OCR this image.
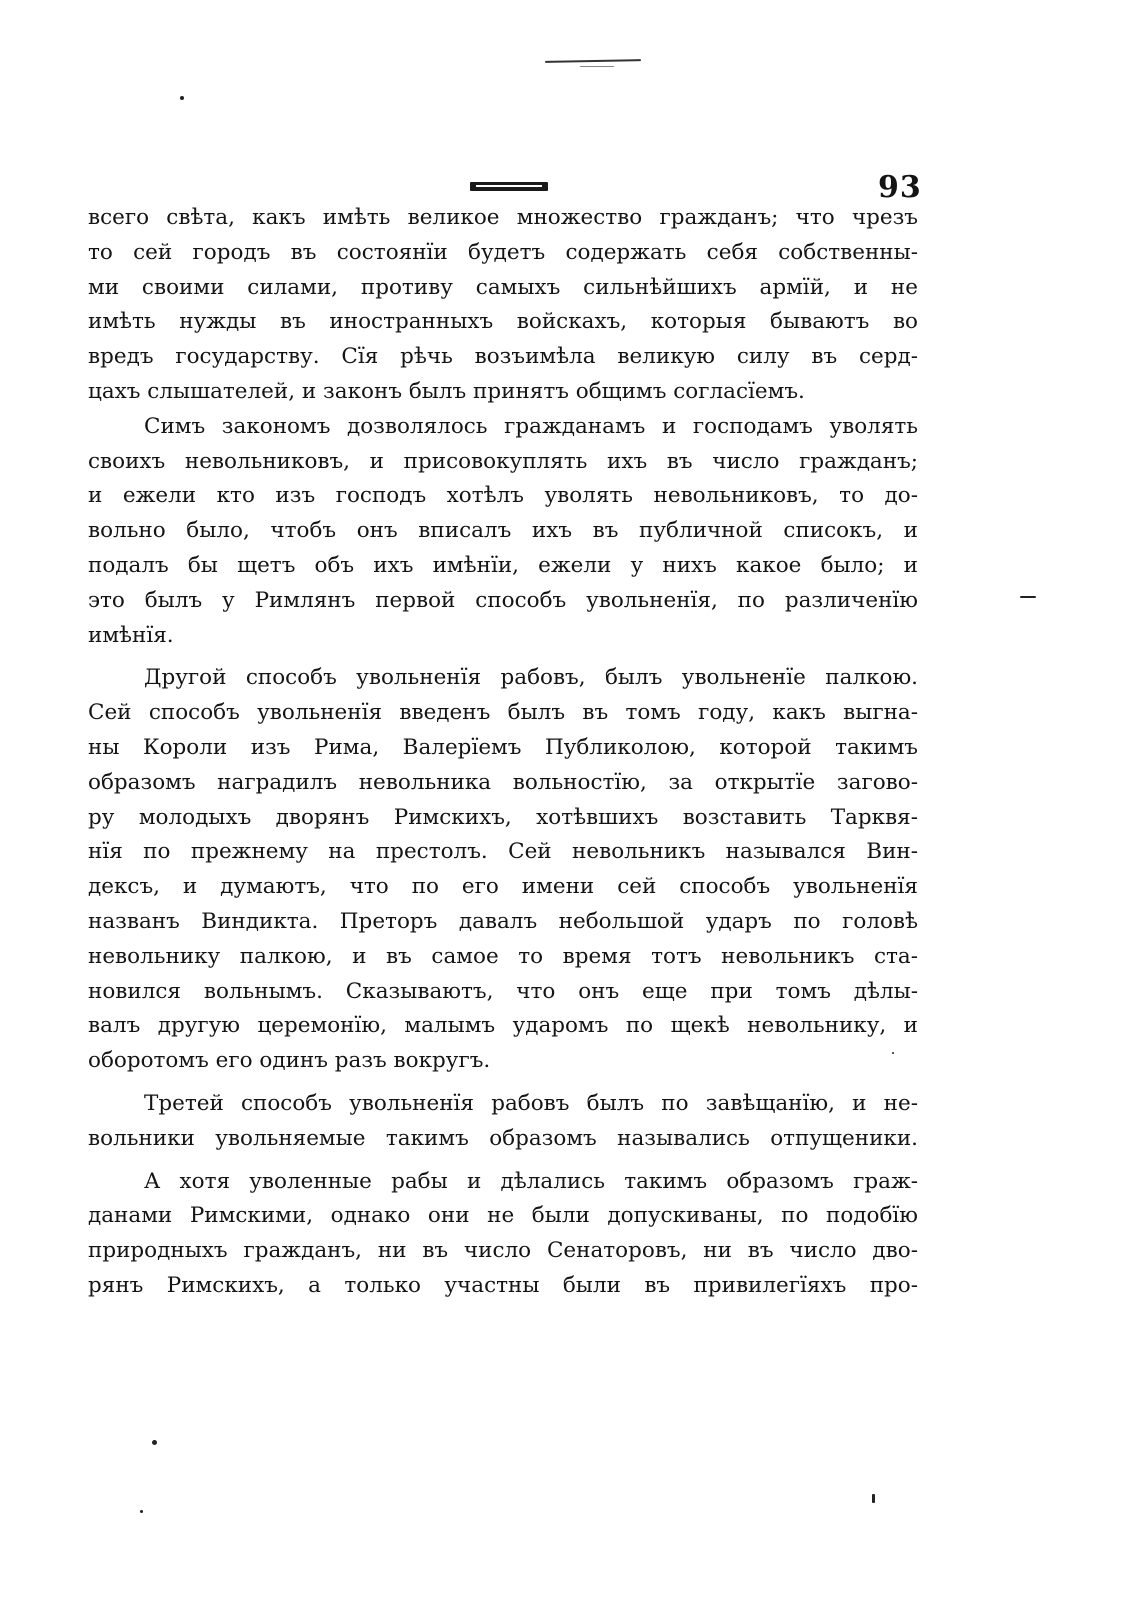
93
всего свѣта, какъ имѣть великое множество гражданъ; что чрезъ
то сей городъ въ состоянїи будетъ содержать себя собственны-
ми своими силами, противу самыхъ сильнѣйшихъ армїй, и не
имѣть нужды въ иностранныхъ войскахъ, которыя бываютъ во
вредъ государству. Сїя рѣчь возъимѣла великую силу въ серд-
цахъ слышателей, и законъ былъ принятъ общимъ согласїемъ.
Симъ закономъ дозволялось гражданамъ и господамъ уволять
своихъ невольниковъ, и присовокуплять ихъ въ число гражданъ;
и ежели кто изъ господъ хотѣлъ уволять невольниковъ, то до-
вольно было, чтобъ онъ вписалъ ихъ въ публичной списокъ, и
подалъ бы щетъ объ ихъ имѣнїи, ежели у нихъ какое было; и
это былъ у Римлянъ первой способъ увольненїя, по различенїю
имѣнїя.
Другой способъ увольненїя рабовъ, былъ увольненїе палкою.
Сей способъ увольненїя введенъ былъ въ томъ году, какъ выгна-
ны Короли изъ Рима, Валерїемъ Публиколою, которой такимъ
образомъ наградилъ невольника вольностїю, за открытїе загово-
ру молодыхъ дворянъ Римскихъ, хотѣвшихъ возставить Тарквя-
нїя по прежнему на престолъ. Сей невольникъ назывался Вин-
дексъ, и думаютъ, что по его имени сей способъ увольненїя
названъ Виндикта. Преторъ давалъ небольшой ударъ по головѣ
невольнику палкою, и въ самое то время тотъ невольникъ ста-
новился вольнымъ. Сказываютъ, что онъ еще при томъ дѣлы-
валъ другую церемонїю, малымъ ударомъ по щекѣ невольнику, и
оборотомъ его одинъ разъ вокругъ.
Третей способъ увольненїя рабовъ былъ по завѣщанїю, и не-
вольники увольняемые такимъ образомъ назывались отпущеники.
А хотя уволенные рабы и дѣлались такимъ образомъ граж-
данами Римскими, однако они не были допускиваны, по подобїю
природныхъ гражданъ, ни въ число Сенаторовъ, ни въ число дво-
рянъ Римскихъ, а только участны были въ привилегїяхъ про-
